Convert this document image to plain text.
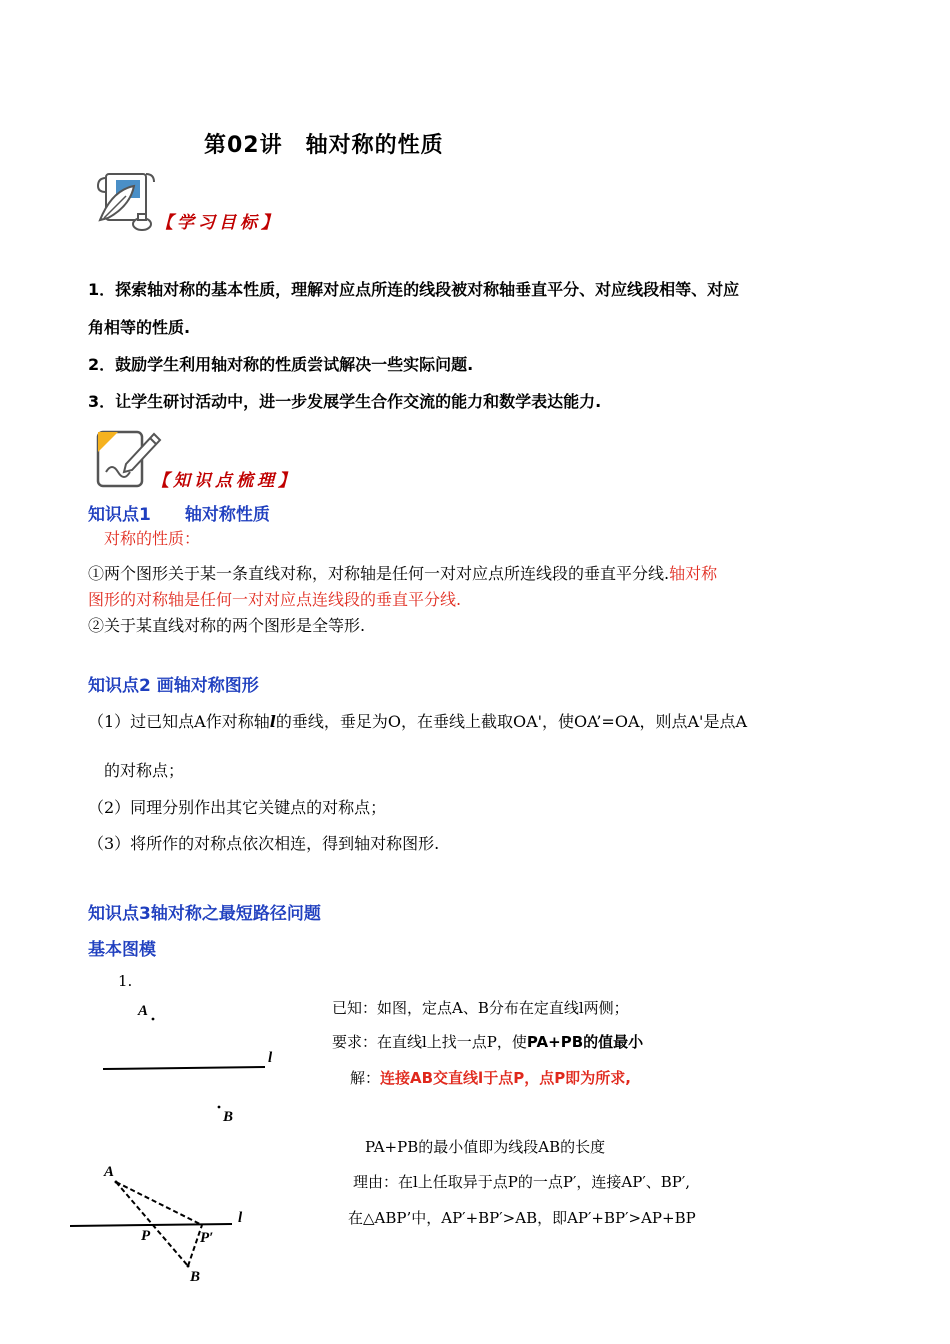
第02讲　轴对称的性质
【学习目标】
1．探索轴对称的基本性质，理解对应点所连的线段被对称轴垂直平分、对应线段相等、对应
角相等的性质.
2．鼓励学生利用轴对称的性质尝试解决一些实际问题.
3．让学生研讨活动中，进一步发展学生合作交流的能力和数学表达能力.
【知识点梳理】
知识点1　　轴对称性质
对称的性质：
①两个图形关于某一条直线对称，对称轴是任何一对对应点所连线段的垂直平分线.轴对称
图形的对称轴是任何一对对应点连线段的垂直平分线.
②关于某直线对称的两个图形是全等形.
知识点2 画轴对称图形
（1）过已知点A作对称轴l的垂线，垂足为O，在垂线上截取OA'，使OA’=OA，则点A'是点A
的对称点；
（2）同理分别作出其它关键点的对称点；
（3）将所作的对称点依次相连，得到轴对称图形.
知识点3轴对称之最短路径问题
基本图模
1.
A
l
B
已知：如图，定点A、B分布在定直线l两侧；
要求：在直线l上找一点P，使PA+PB的值最小
解：连接AB交直线l于点P，点P即为所求,
PA+PB的最小值即为线段AB的长度
理由：在l上任取异于点P的一点P′，连接AP′、BP′,
在△ABP’中，AP′+BP′>AB，即AP′+BP′>AP+BP
A
l
P	P′
B
